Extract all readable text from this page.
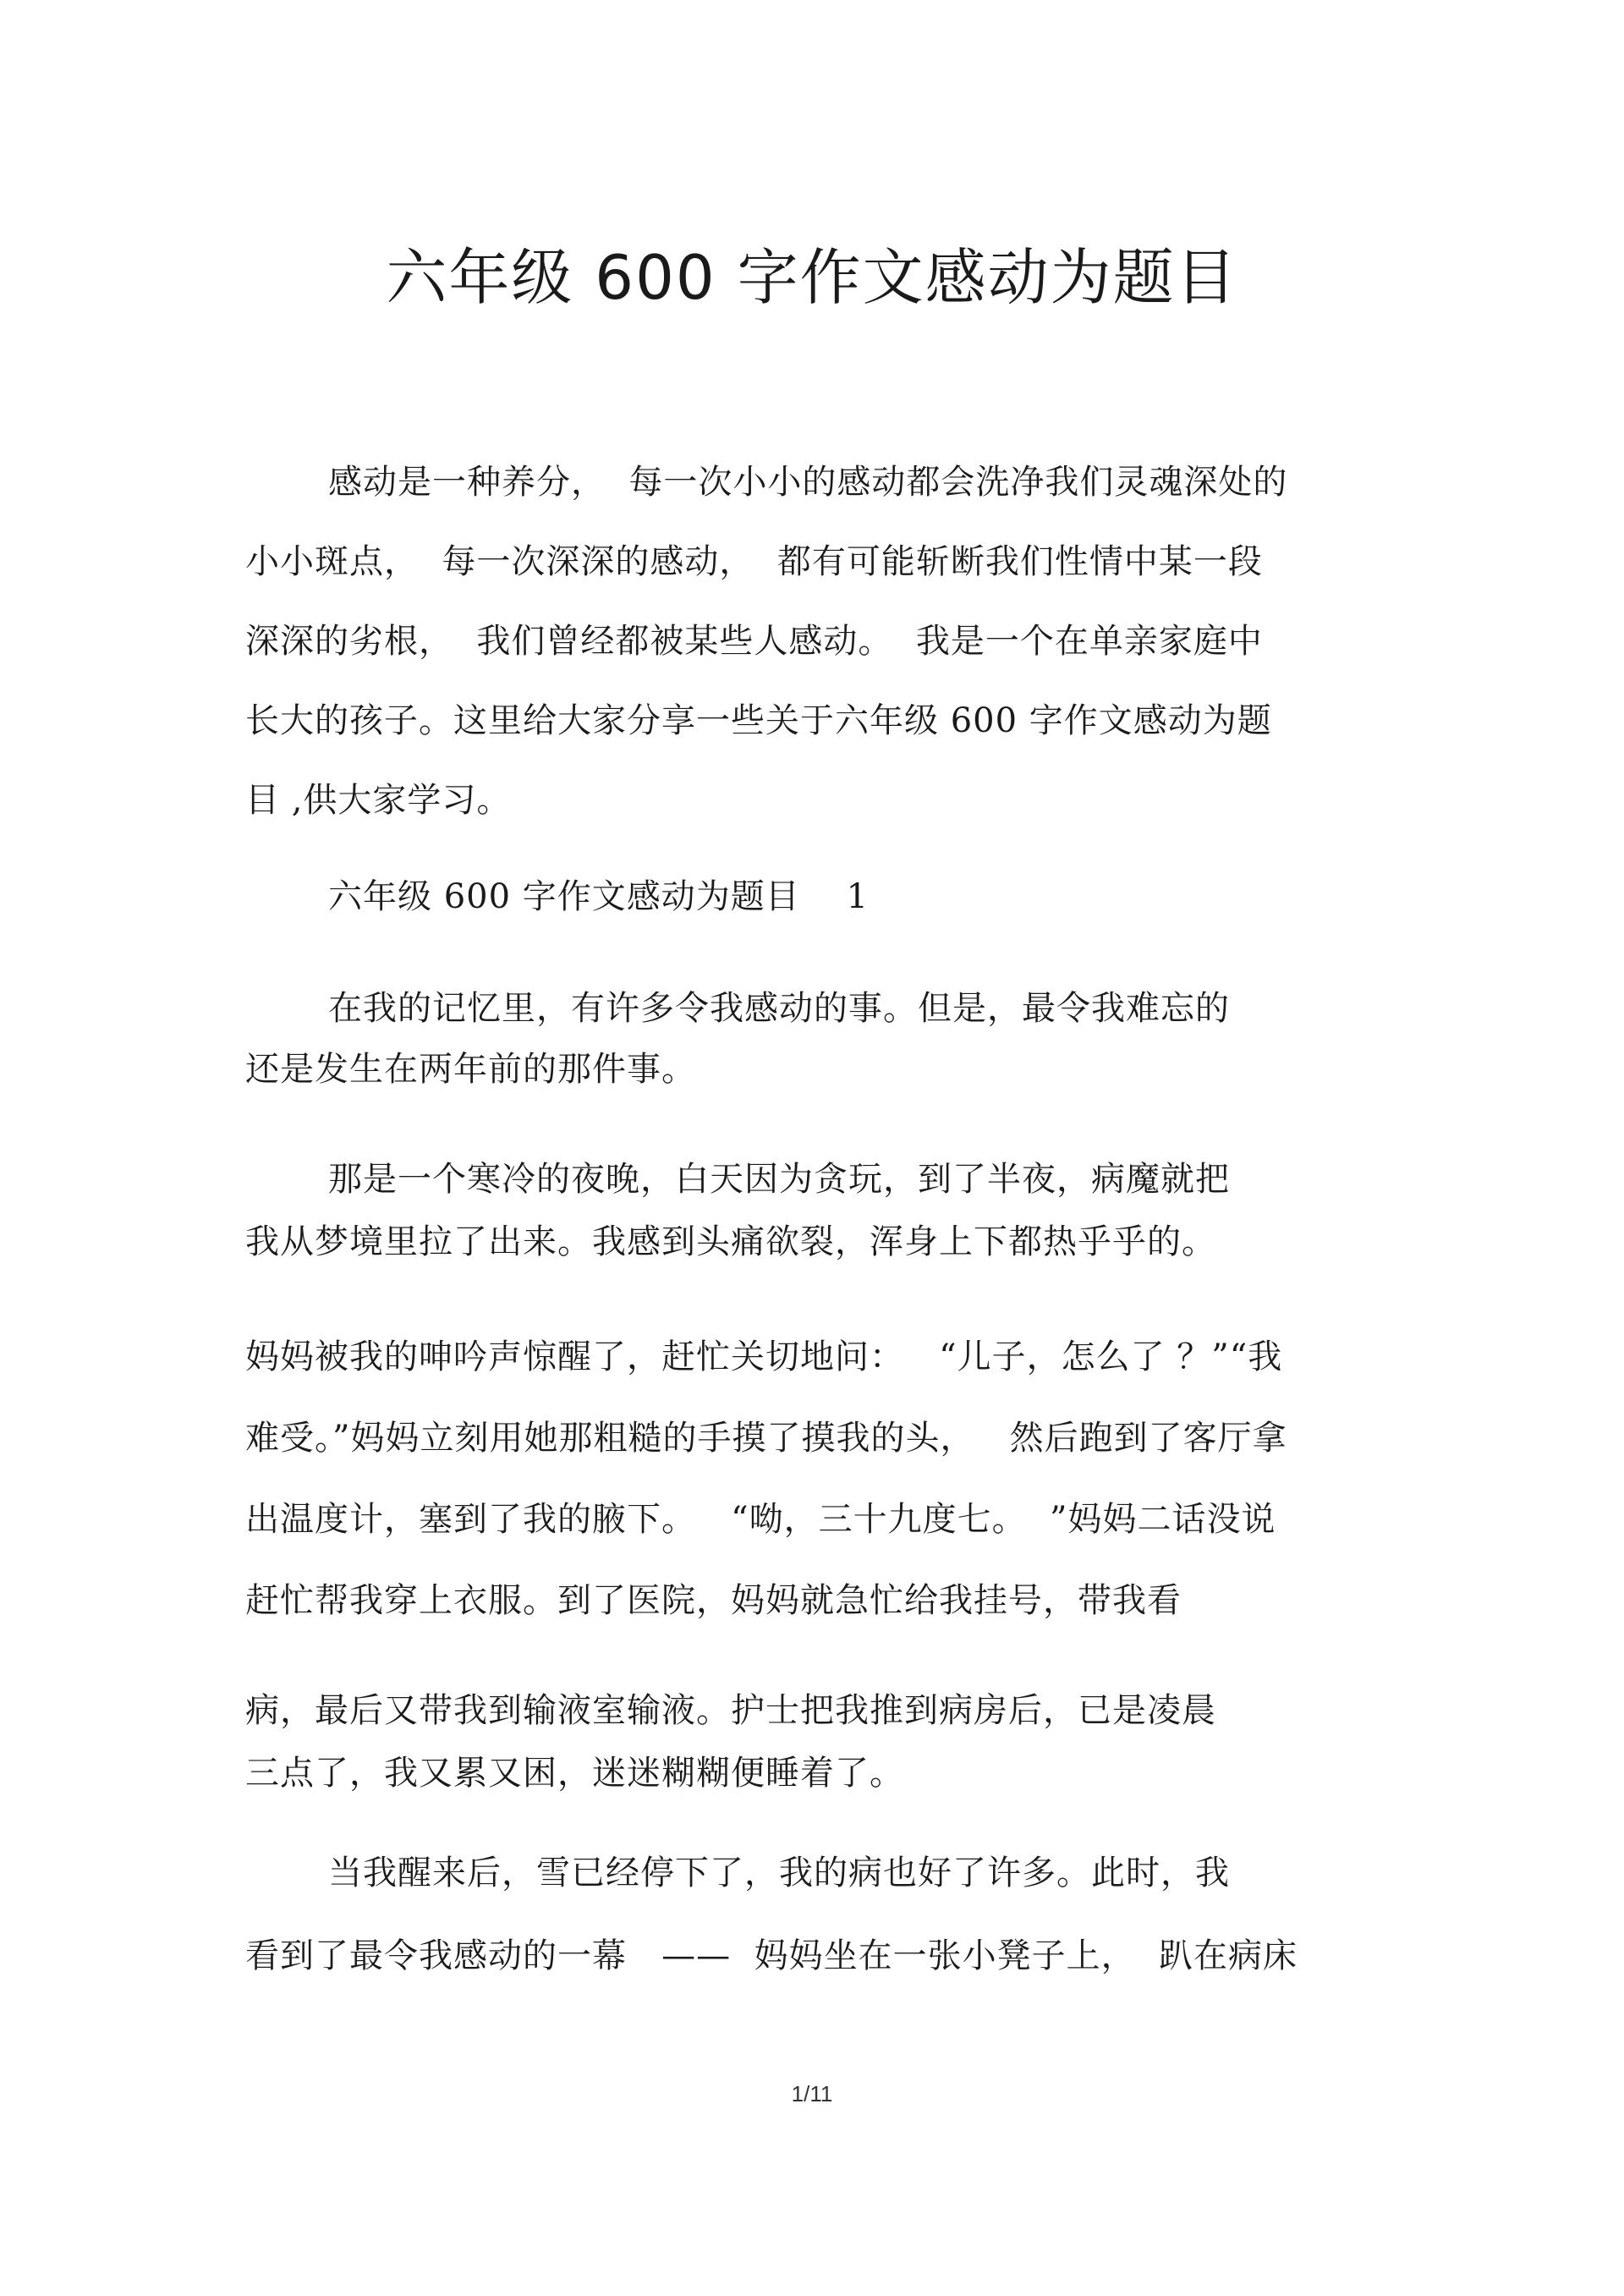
六年级 600 字作文感动为题目
感动是一种养分，  每一次小小的感动都会洗净我们灵魂深处的
小小斑点，  每一次深深的感动，  都有可能斩断我们性情中某一段
深深的劣根，  我们曾经都被某些人感动。  我是一个在单亲家庭中
长大的孩子。这里给大家分享一些关于六年级 600 字作文感动为题
目 ,供大家学习。
六年级 600 字作文感动为题目    1
在我的记忆里，有许多令我感动的事。但是，最令我难忘的
还是发生在两年前的那件事。
那是一个寒冷的夜晚，白天因为贪玩，到了半夜，病魔就把
我从梦境里拉了出来。我感到头痛欲裂，浑身上下都热乎乎的。
妈妈被我的呻吟声惊醒了，赶忙关切地问：   “儿子，怎么了 ？”“我
难受。”妈妈立刻用她那粗糙的手摸了摸我的头，   然后跑到了客厅拿
出温度计，塞到了我的腋下。   “呦，三十九度七。  ”妈妈二话没说
赶忙帮我穿上衣服。到了医院，妈妈就急忙给我挂号，带我看
病，最后又带我到输液室输液。护士把我推到病房后，已是凌晨
三点了，我又累又困，迷迷糊糊便睡着了。
当我醒来后，雪已经停下了，我的病也好了许多。此时，我
看到了最令我感动的一幕   ——  妈妈坐在一张小凳子上，  趴在病床
1/11
